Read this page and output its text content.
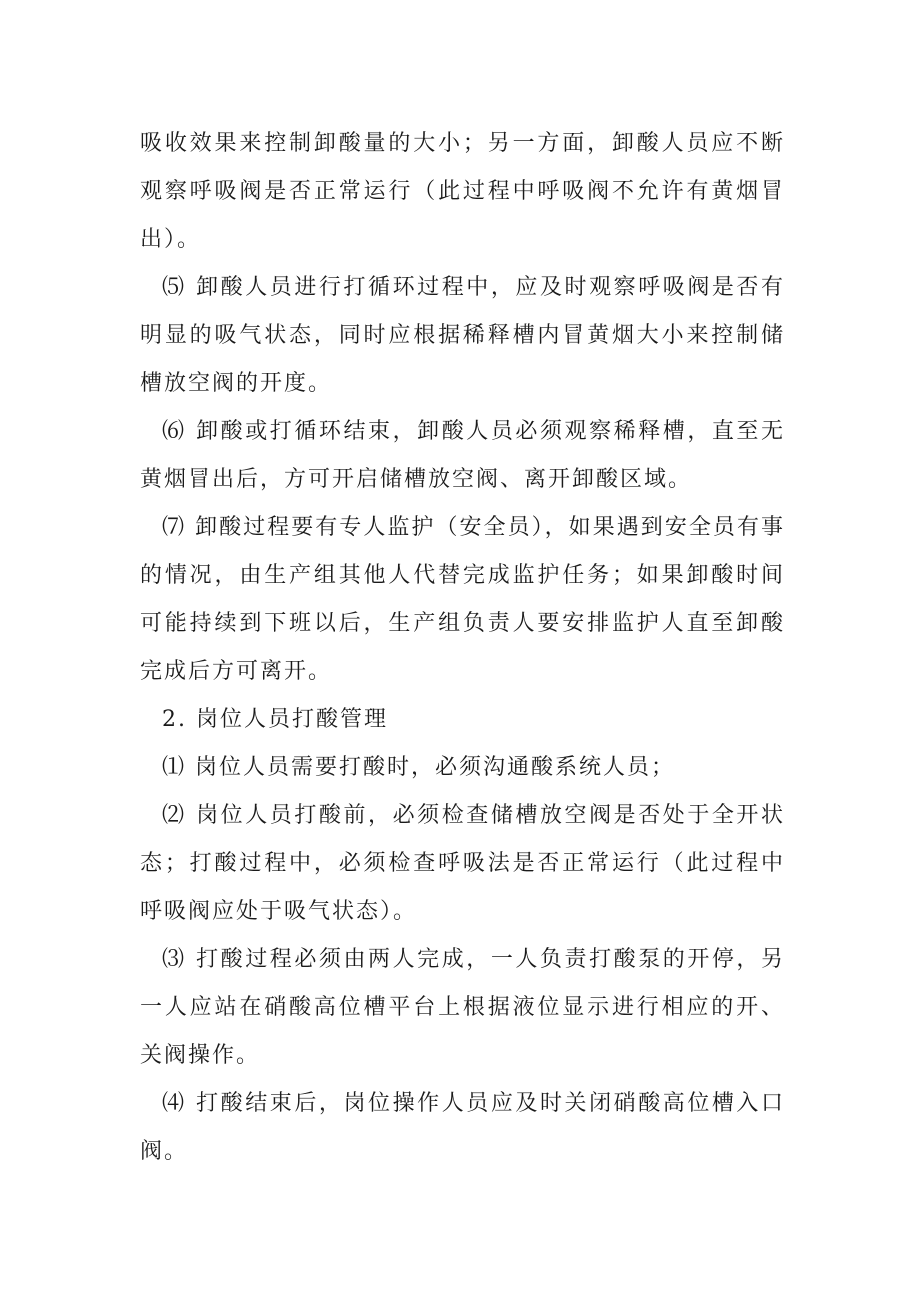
吸收效果来控制卸酸量的大小；另一方面，卸酸人员应不断观察呼吸阀是否正常运行（此过程中呼吸阀不允许有黄烟冒出）。

⑸ 卸酸人员进行打循环过程中，应及时观察呼吸阀是否有明显的吸气状态，同时应根据稀释槽内冒黄烟大小来控制储槽放空阀的开度。

⑹ 卸酸或打循环结束，卸酸人员必须观察稀释槽，直至无黄烟冒出后，方可开启储槽放空阀、离开卸酸区域。

⑺ 卸酸过程要有专人监护（安全员），如果遇到安全员有事的情况，由生产组其他人代替完成监护任务；如果卸酸时间可能持续到下班以后，生产组负责人要安排监护人直至卸酸完成后方可离开。

2. 岗位人员打酸管理

⑴ 岗位人员需要打酸时，必须沟通酸系统人员；

⑵ 岗位人员打酸前，必须检查储槽放空阀是否处于全开状态；打酸过程中，必须检查呼吸法是否正常运行（此过程中呼吸阀应处于吸气状态）。

⑶ 打酸过程必须由两人完成，一人负责打酸泵的开停，另一人应站在硝酸高位槽平台上根据液位显示进行相应的开、关阀操作。

⑷ 打酸结束后，岗位操作人员应及时关闭硝酸高位槽入口阀。
